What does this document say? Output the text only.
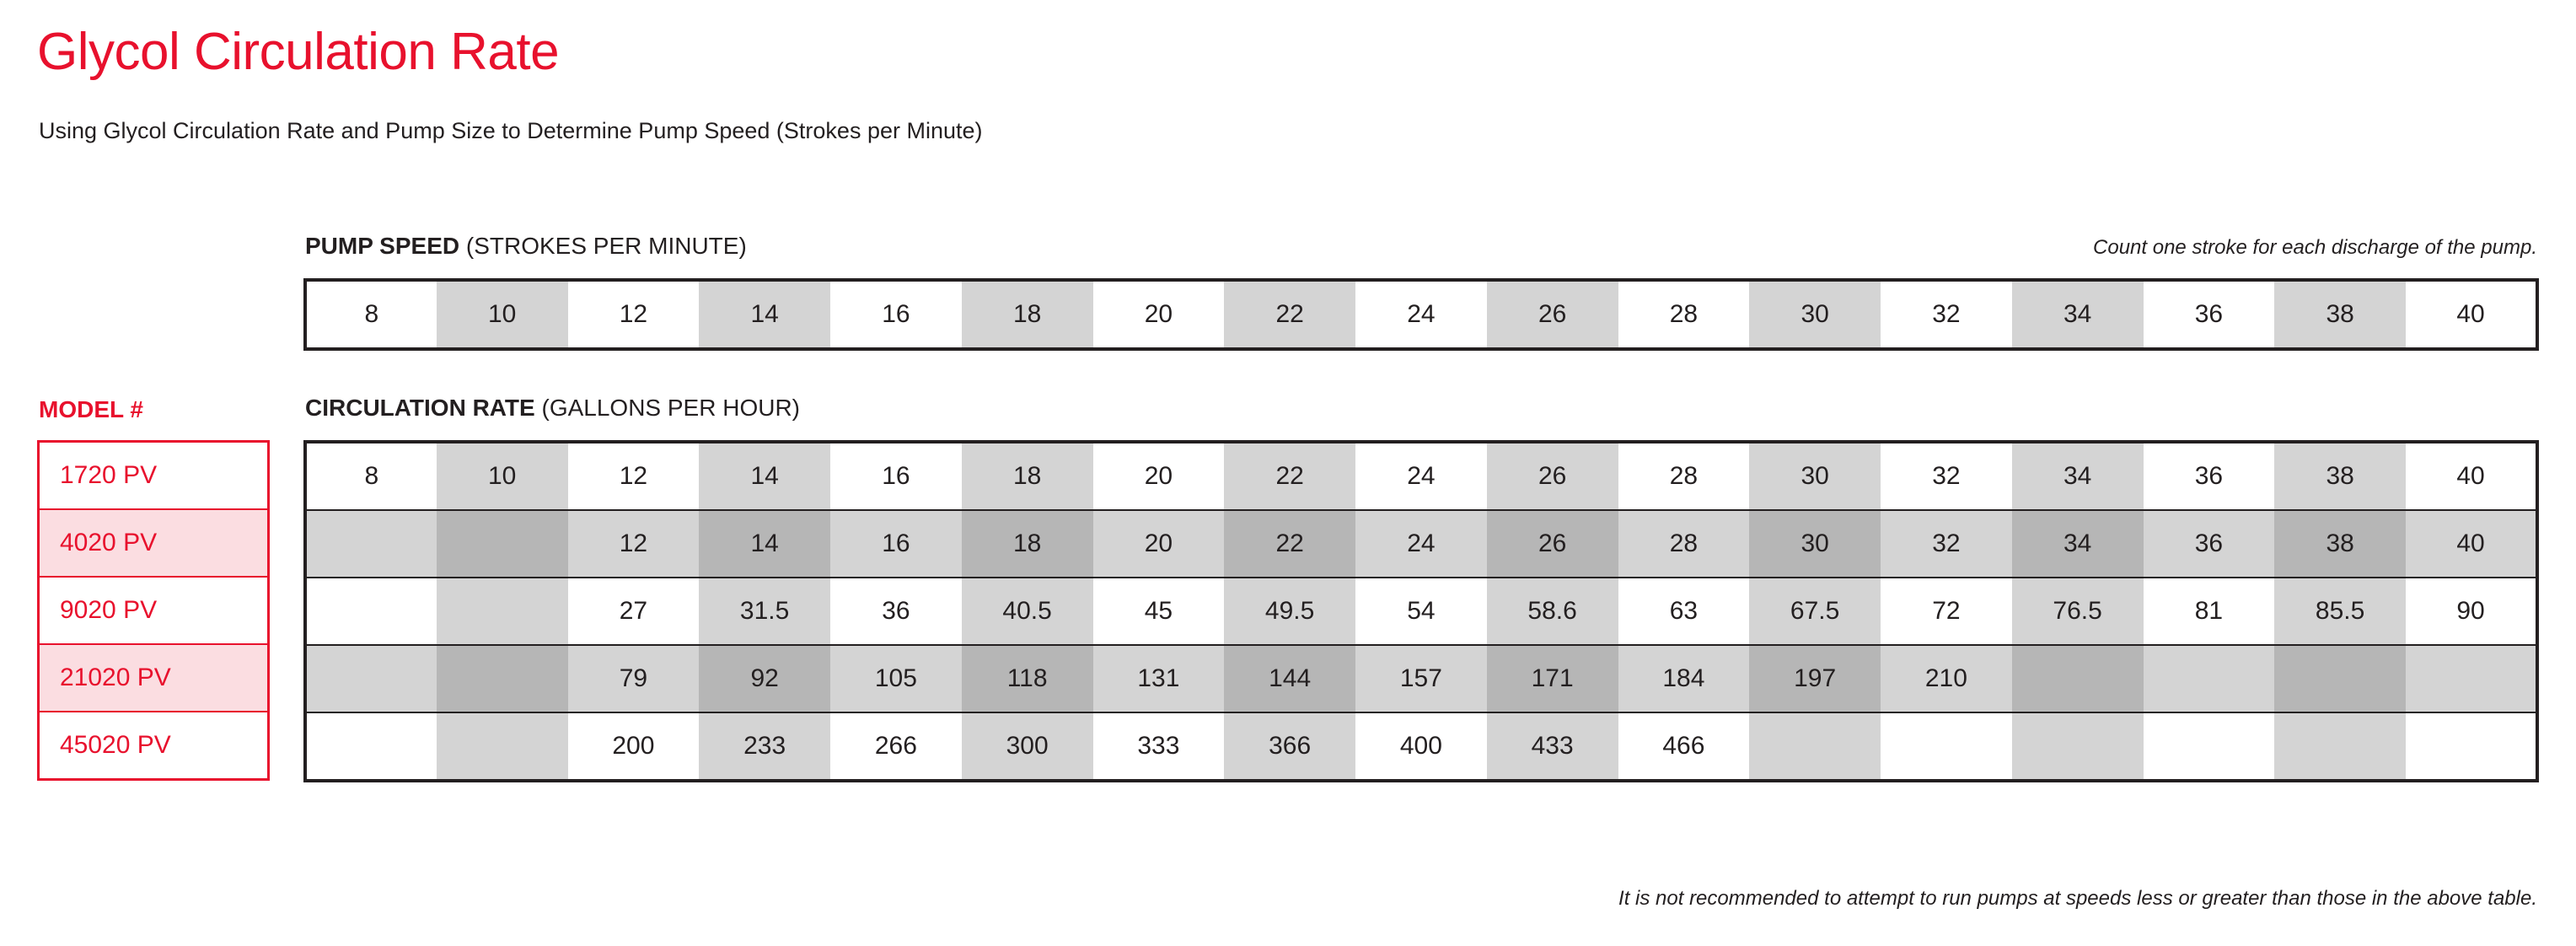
Glycol Circulation Rate
Using Glycol Circulation Rate and Pump Size to Determine Pump Speed (Strokes per Minute)
PUMP SPEED (STROKES PER MINUTE)	Count one stroke for each discharge of the pump.
8	10	12	14	16	18	20	22	24	26	28	30	32	34	36	38	40
CIRCULATION RATE (GALLONS PER HOUR)
MODEL #
1720 PV
4020 PV
9020 PV
21020 PV
45020 PV
8	10	12	14	16	18	20	22	24	26	28	30	32	34	36	38	40
		12	14	16	18	20	22	24	26	28	30	32	34	36	38	40
		27	31.5	36	40.5	45	49.5	54	58.6	63	67.5	72	76.5	81	85.5	90
		79	92	105	118	131	144	157	171	184	197	210				
		200	233	266	300	333	366	400	433	466						
It is not recommended to attempt to run pumps at speeds less or greater than those in the above table.
